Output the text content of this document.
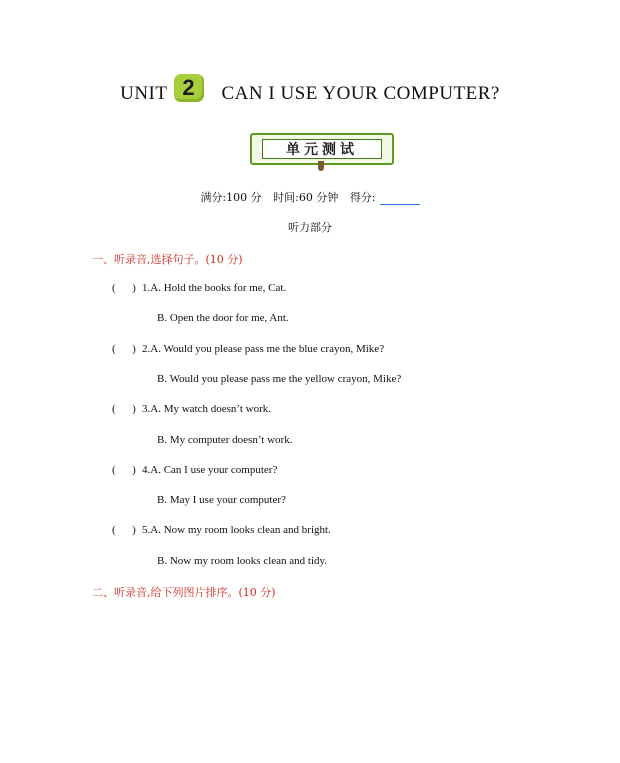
UNIT 2	CAN I USE YOUR COMPUTER?
单元测试
满分:100 分 时间:60 分钟 得分:
听力部分
一、听录音,选择句子。(10 分)
(      ) 1.A. Hold the books for me, Cat.
B. Open the door for me, Ant.
(      ) 2.A. Would you please pass me the blue crayon, Mike?
B. Would you please pass me the yellow crayon, Mike?
(      ) 3.A. My watch doesn’t work.
B. My computer doesn’t work.
(      ) 4.A. Can I use your computer?
B. May I use your computer?
(      ) 5.A. Now my room looks clean and bright.
B. Now my room looks clean and tidy.
二、听录音,给下列图片排序。(10 分)
